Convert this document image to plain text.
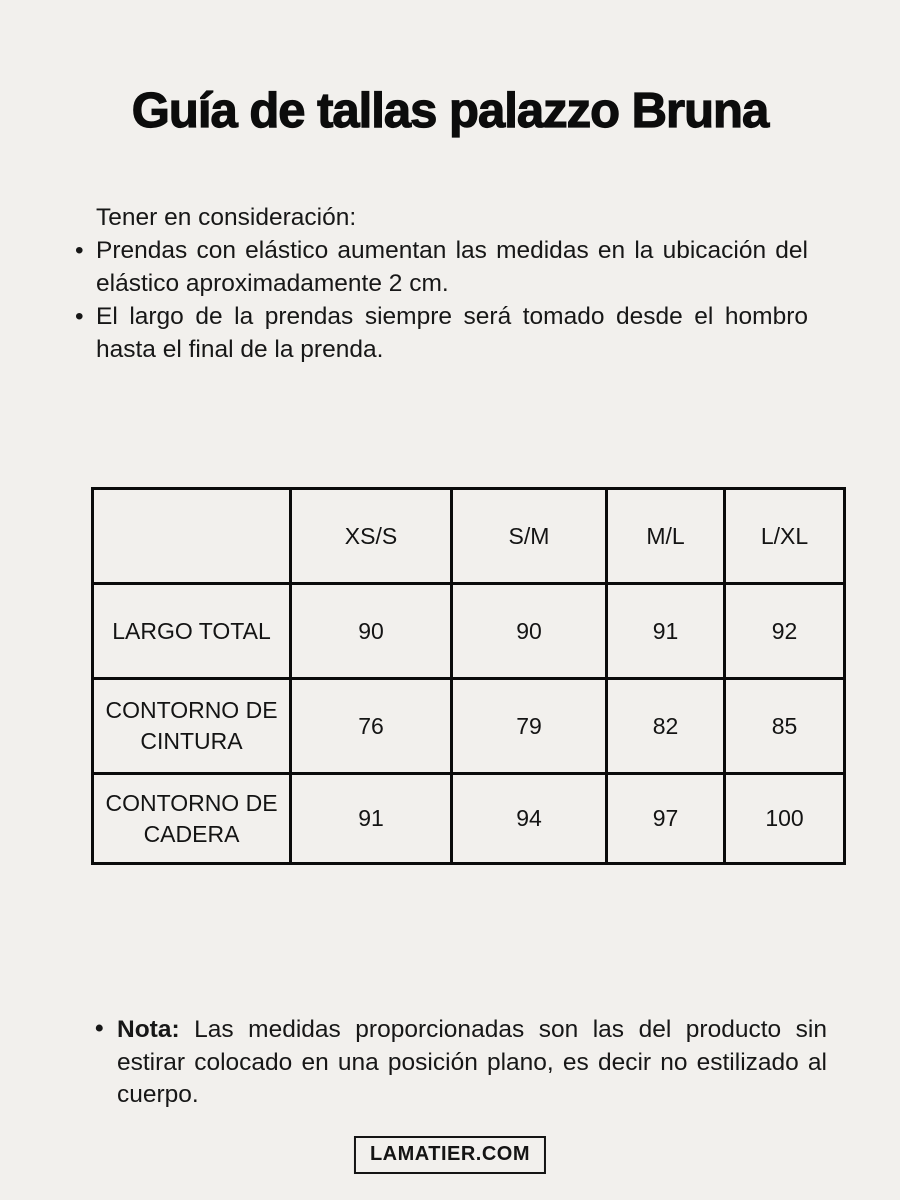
Guía de tallas palazzo Bruna

Tener en consideración:

• Prendas con elástico aumentan las medidas en la ubicación del elástico aproximadamente 2 cm.
• El largo de la prendas siempre será tomado desde el hombro hasta el final de la prenda.
	XS/S	S/M	M/L	L/XL
LARGO TOTAL	90	90	91	92
CONTORNO DE CINTURA	76	79	82	85
CONTORNO DE CADERA	91	94	97	100
• Nota: Las medidas proporcionadas son las del producto sin estirar colocado en una posición plano, es decir no estilizado al cuerpo.
LAMATIER.COM
